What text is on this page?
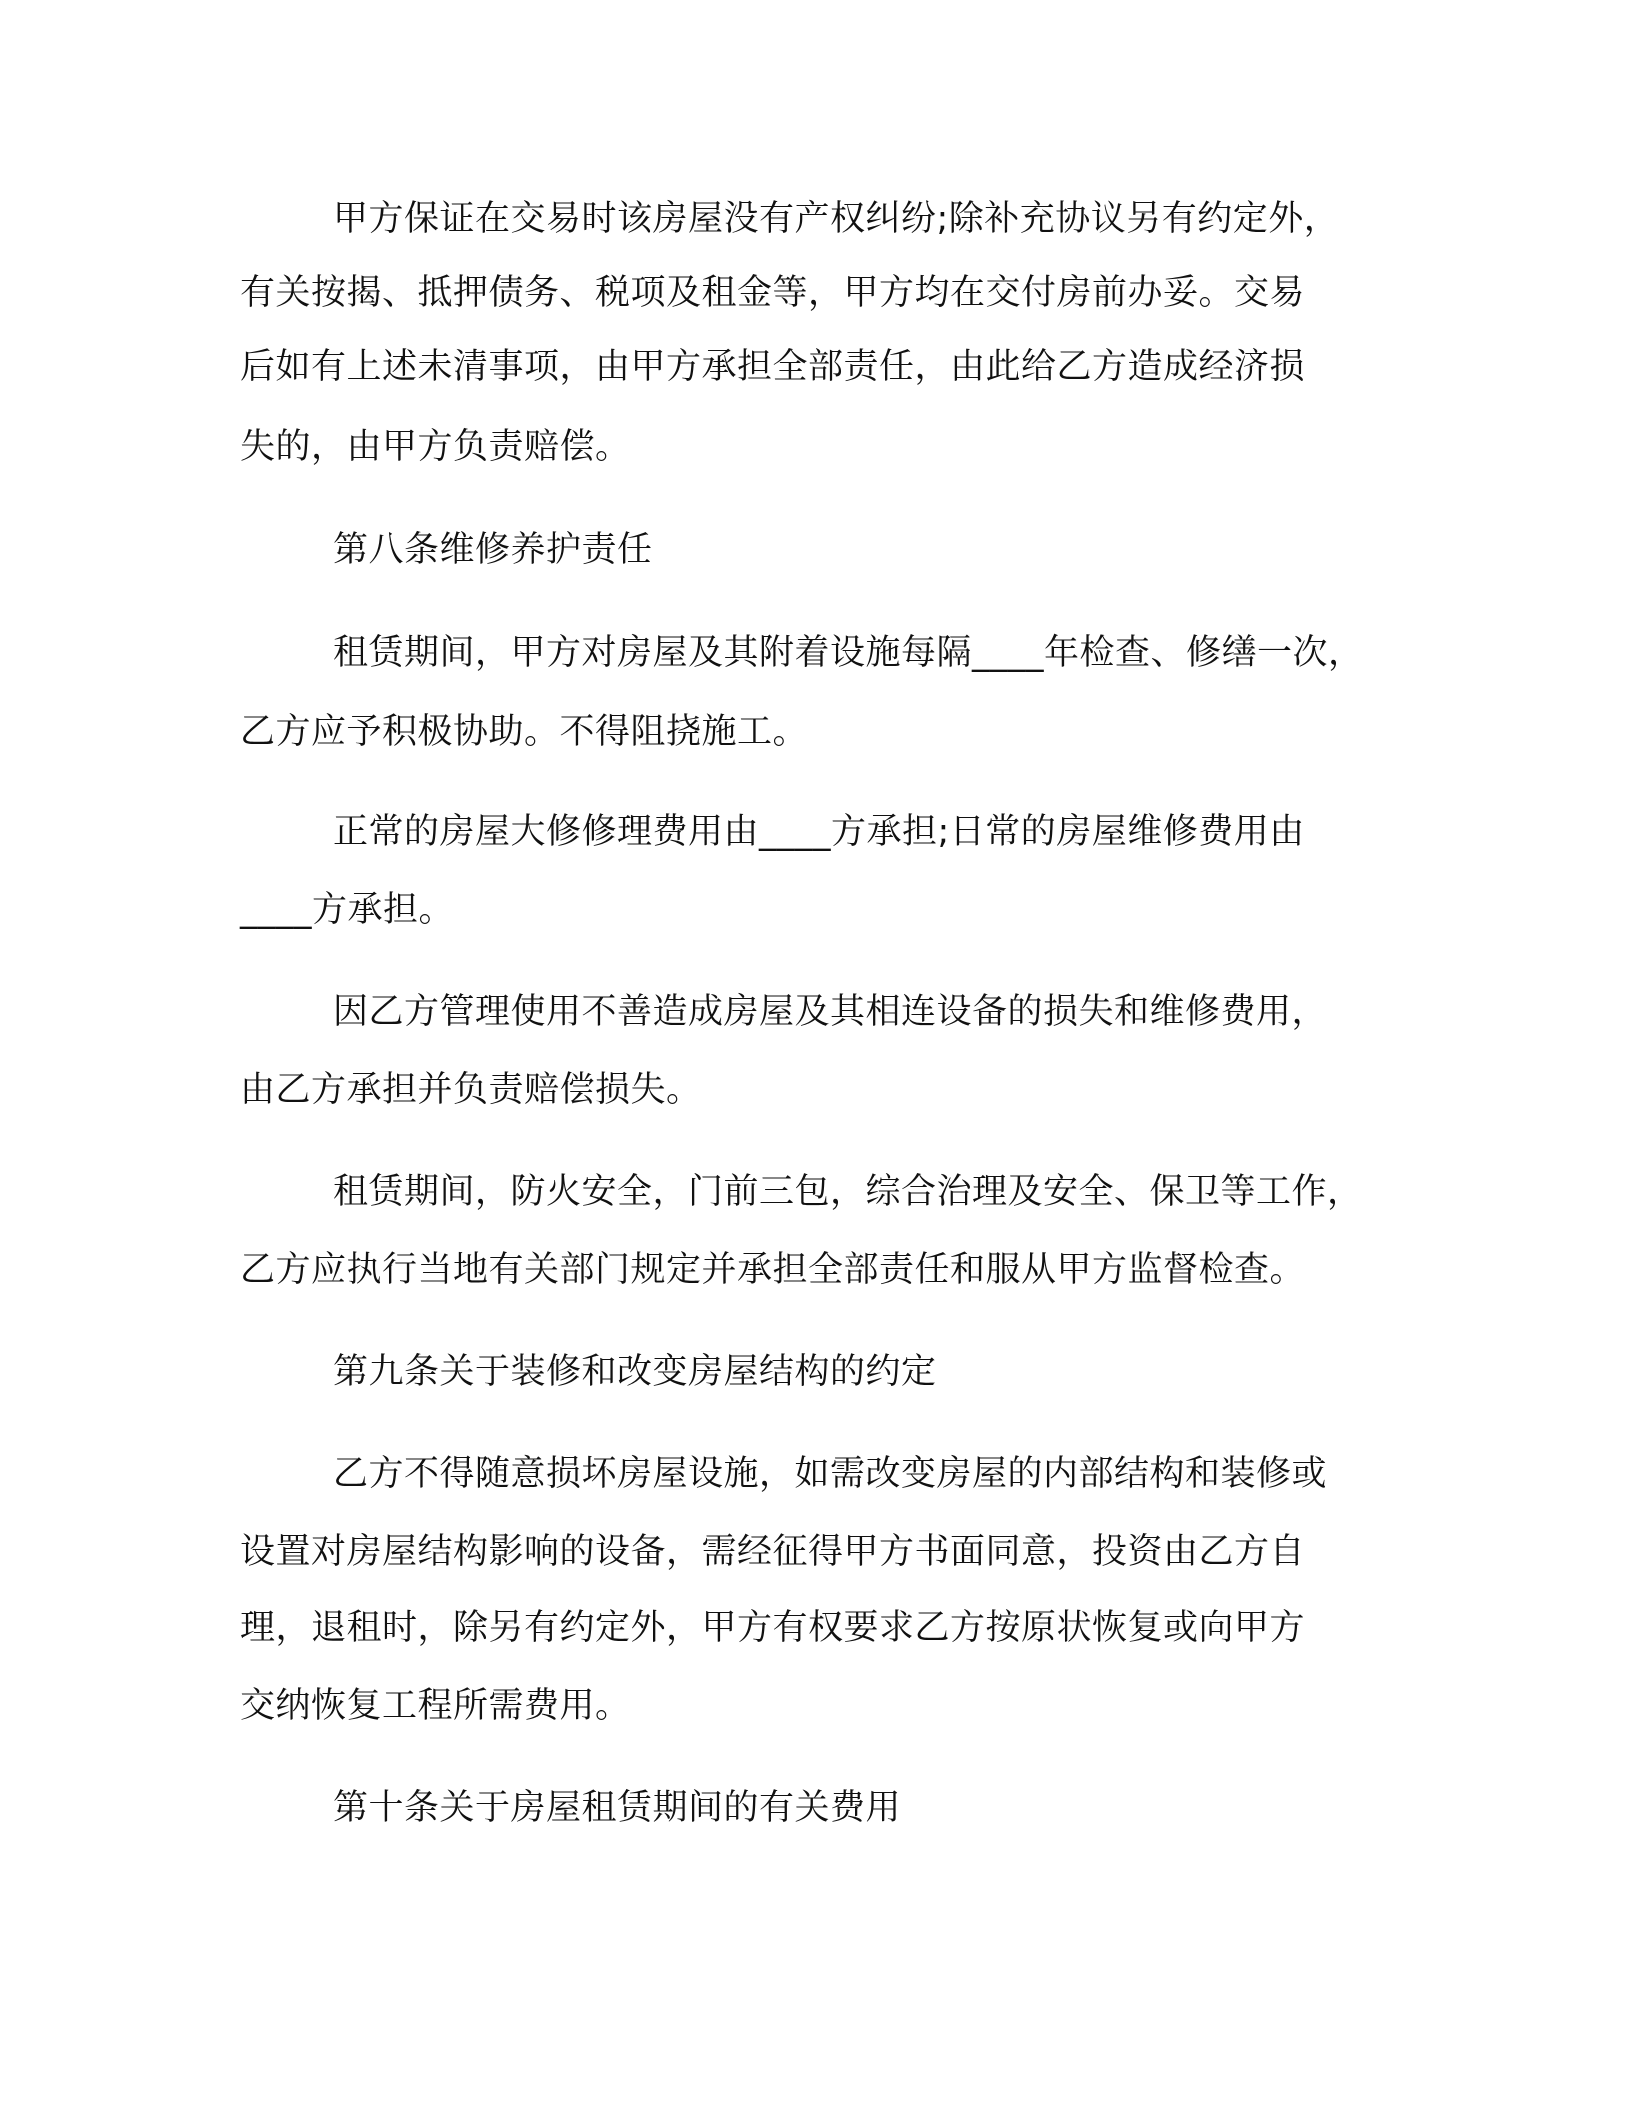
甲方保证在交易时该房屋没有产权纠纷;除补充协议另有约定外，
有关按揭、抵押债务、税项及租金等，甲方均在交付房前办妥。交易
后如有上述未清事项，由甲方承担全部责任，由此给乙方造成经济损
失的，由甲方负责赔偿。
第八条维修养护责任
租赁期间，甲方对房屋及其附着设施每隔____年检查、修缮一次，
乙方应予积极协助。不得阻挠施工。
正常的房屋大修修理费用由____方承担;日常的房屋维修费用由
____方承担。
因乙方管理使用不善造成房屋及其相连设备的损失和维修费用，
由乙方承担并负责赔偿损失。
租赁期间，防火安全，门前三包，综合治理及安全、保卫等工作，
乙方应执行当地有关部门规定并承担全部责任和服从甲方监督检查。
第九条关于装修和改变房屋结构的约定
乙方不得随意损坏房屋设施，如需改变房屋的内部结构和装修或
设置对房屋结构影响的设备，需经征得甲方书面同意，投资由乙方自
理，退租时，除另有约定外，甲方有权要求乙方按原状恢复或向甲方
交纳恢复工程所需费用。
第十条关于房屋租赁期间的有关费用
